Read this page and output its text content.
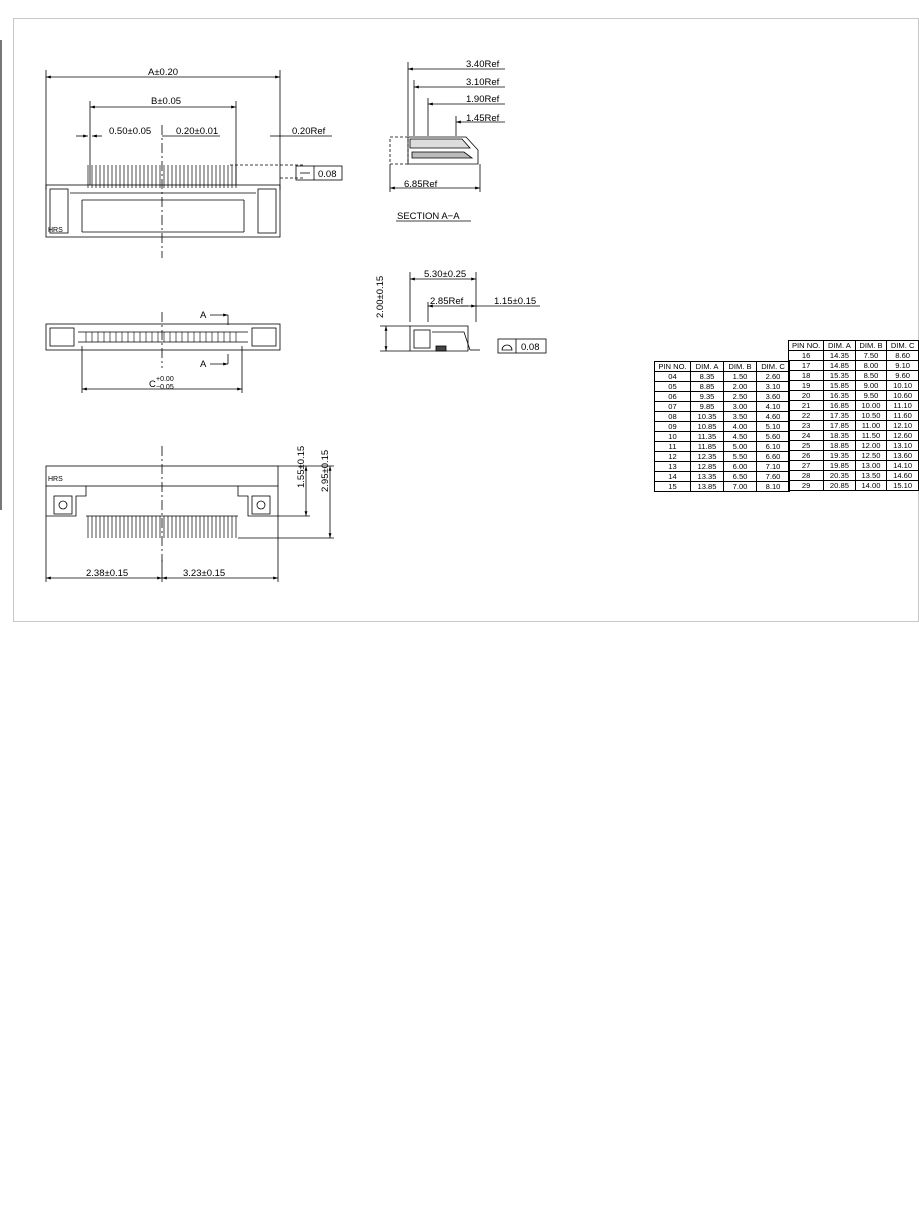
A±0.20
B±0.05
0.50±0.05	0.20±0.01	0.20Ref
0.08
HRS
3.40Ref
3.10Ref
1.90Ref
1.45Ref
6.85Ref
SECTION A−A
5.30±0.25
2.00±0.15	2.85Ref	1.15±0.15
0.08
A
A
C +0.00
−0.05
HRS	1.55±0.15 2.95±0.15
2.38±0.15	3.23±0.15
PIN NO.	DIM. A	DIM. B	DIM. C
04	8.35	1.50	2.60
05	8.85	2.00	3.10
06	9.35	2.50	3.60
07	9.85	3.00	4.10
08	10.35	3.50	4.60
09	10.85	4.00	5.10
10	11.35	4.50	5.60
11	11.85	5.00	6.10
12	12.35	5.50	6.60
13	12.85	6.00	7.10
14	13.35	6.50	7.60
15	13.85	7.00	8.10
PIN NO.	DIM. A	DIM. B	DIM. C
16	14.35	7.50	8.60
17	14.85	8.00	9.10
18	15.35	8.50	9.60
19	15.85	9.00	10.10
20	16.35	9.50	10.60
21	16.85	10.00	11.10
22	17.35	10.50	11.60
23	17.85	11.00	12.10
24	18.35	11.50	12.60
25	18.85	12.00	13.10
26	19.35	12.50	13.60
27	19.85	13.00	14.10
28	20.35	13.50	14.60
29	20.85	14.00	15.10
